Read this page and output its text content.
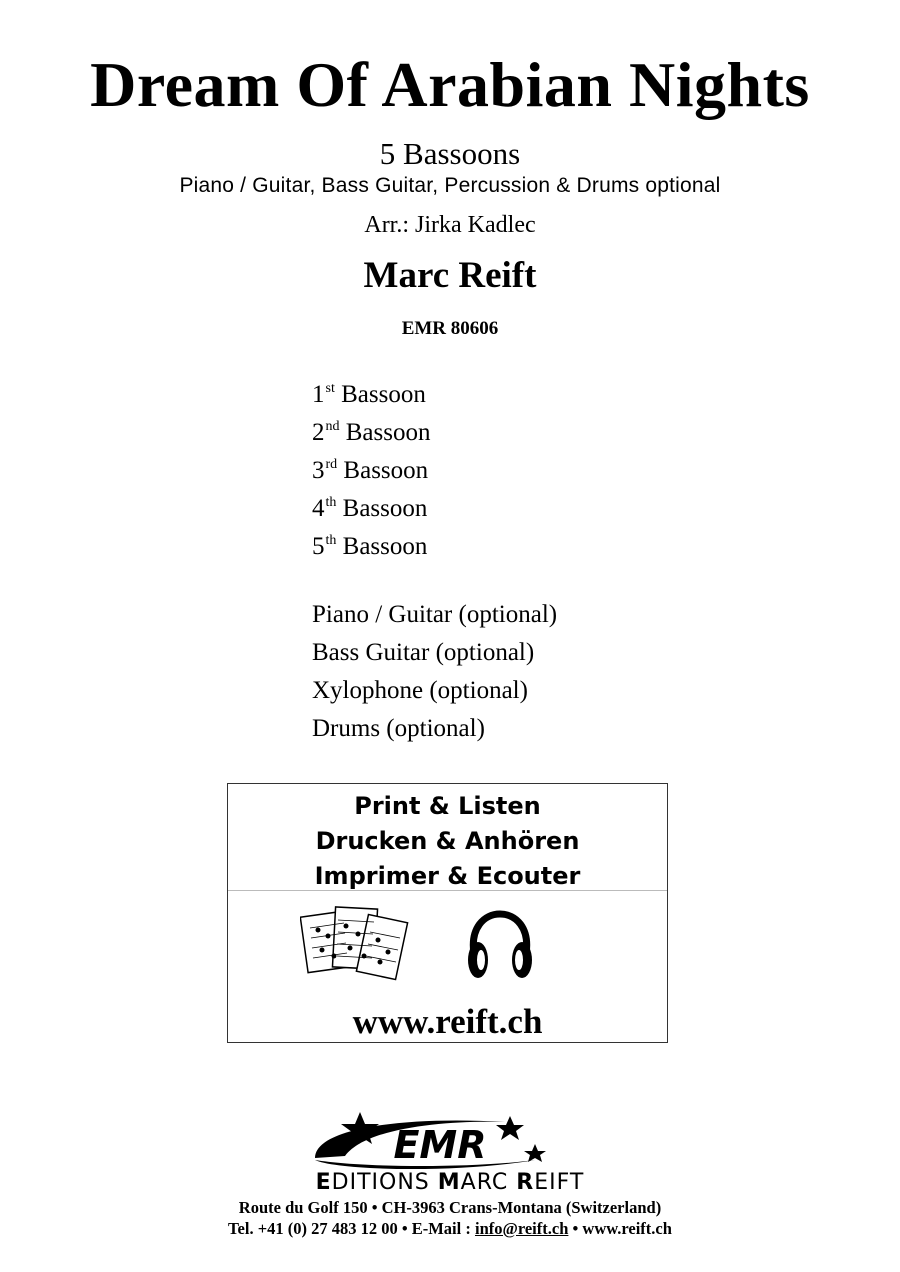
Dream Of Arabian Nights
5 Bassoons
Piano / Guitar, Bass Guitar, Percussion & Drums optional
Arr.: Jirka Kadlec
Marc Reift
EMR 80606
1st Bassoon
2nd Bassoon
3rd Bassoon
4th Bassoon
5th Bassoon
Piano / Guitar (optional)
Bass Guitar (optional)
Xylophone (optional)
Drums (optional)
Print & Listen
Drucken & Anhören
Imprimer & Ecouter
www.reift.ch
EMR
EDITIONS MARC REIFT
Route du Golf 150 • CH-3963 Crans-Montana (Switzerland)
Tel. +41 (0) 27 483 12 00 • E-Mail : info@reift.ch • www.reift.ch
